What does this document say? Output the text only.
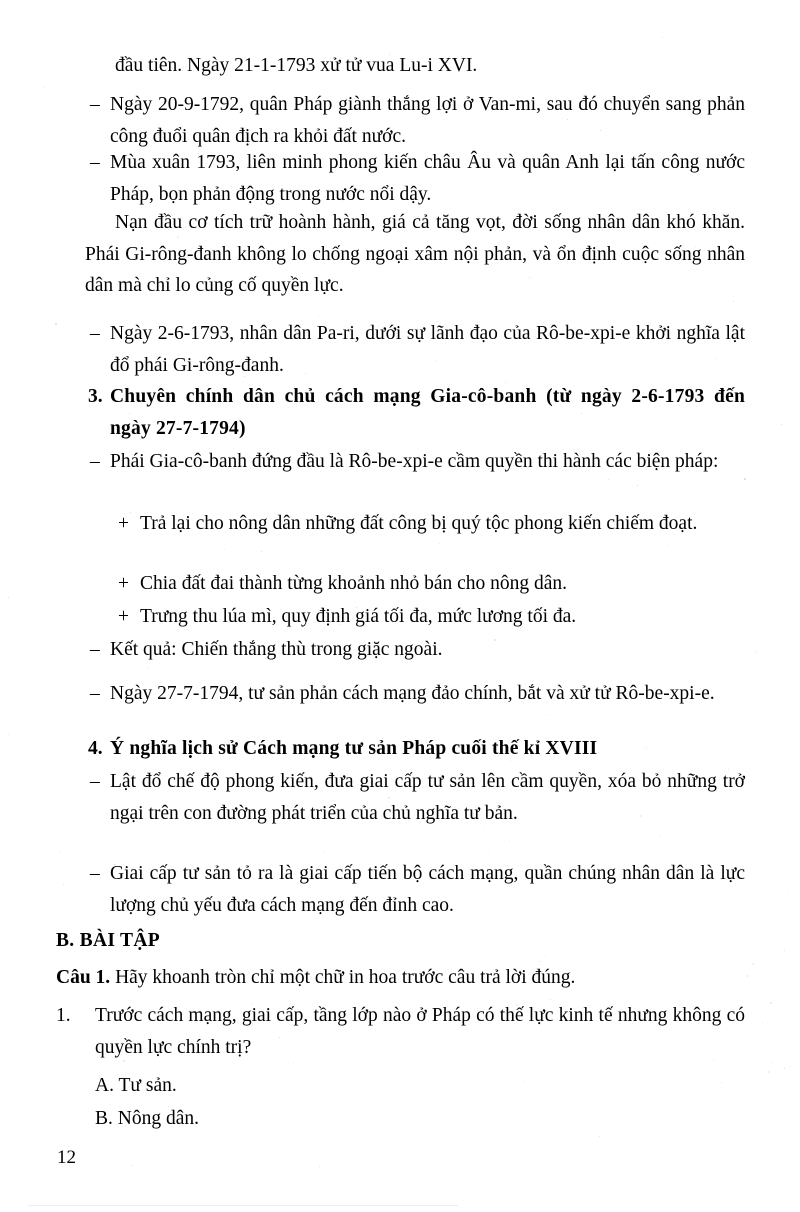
đầu tiên. Ngày 21-1-1793 xử tử vua Lu-i XVI.
– Ngày 20-9-1792, quân Pháp giành thắng lợi ở Van-mi, sau đó chuyển sang phản công đuổi quân địch ra khỏi đất nước.
– Mùa xuân 1793, liên minh phong kiến châu Âu và quân Anh lại tấn công nước Pháp, bọn phản động trong nước nổi dậy.
Nạn đầu cơ tích trữ hoành hành, giá cả tăng vọt, đời sống nhân dân khó khăn. Phái Gi-rông-đanh không lo chống ngoại xâm nội phản, và ổn định cuộc sống nhân dân mà chỉ lo củng cố quyền lực.
– Ngày 2-6-1793, nhân dân Pa-ri, dưới sự lãnh đạo của Rô-be-xpi-e khởi nghĩa lật đổ phái Gi-rông-đanh.
3. Chuyên chính dân chủ cách mạng Gia-cô-banh (từ ngày 2-6-1793 đến ngày 27-7-1794)
– Phái Gia-cô-banh đứng đầu là Rô-be-xpi-e cầm quyền thi hành các biện pháp:
+ Trả lại cho nông dân những đất công bị quý tộc phong kiến chiếm đoạt.
+ Chia đất đai thành từng khoảnh nhỏ bán cho nông dân.
+ Trưng thu lúa mì, quy định giá tối đa, mức lương tối đa.
– Kết quả: Chiến thắng thù trong giặc ngoài.
– Ngày 27-7-1794, tư sản phản cách mạng đảo chính, bắt và xử tử Rô-be-xpi-e.
4. Ý nghĩa lịch sử Cách mạng tư sản Pháp cuối thế kỉ XVIII
– Lật đổ chế độ phong kiến, đưa giai cấp tư sản lên cầm quyền, xóa bỏ những trở ngại trên con đường phát triển của chủ nghĩa tư bản.
– Giai cấp tư sản tỏ ra là giai cấp tiến bộ cách mạng, quần chúng nhân dân là lực lượng chủ yếu đưa cách mạng đến đỉnh cao.
B. BÀI TẬP
Câu 1. Hãy khoanh tròn chỉ một chữ in hoa trước câu trả lời đúng.
1.	Trước cách mạng, giai cấp, tầng lớp nào ở Pháp có thế lực kinh tế nhưng không có quyền lực chính trị?
A. Tư sản.
B. Nông dân.
12
